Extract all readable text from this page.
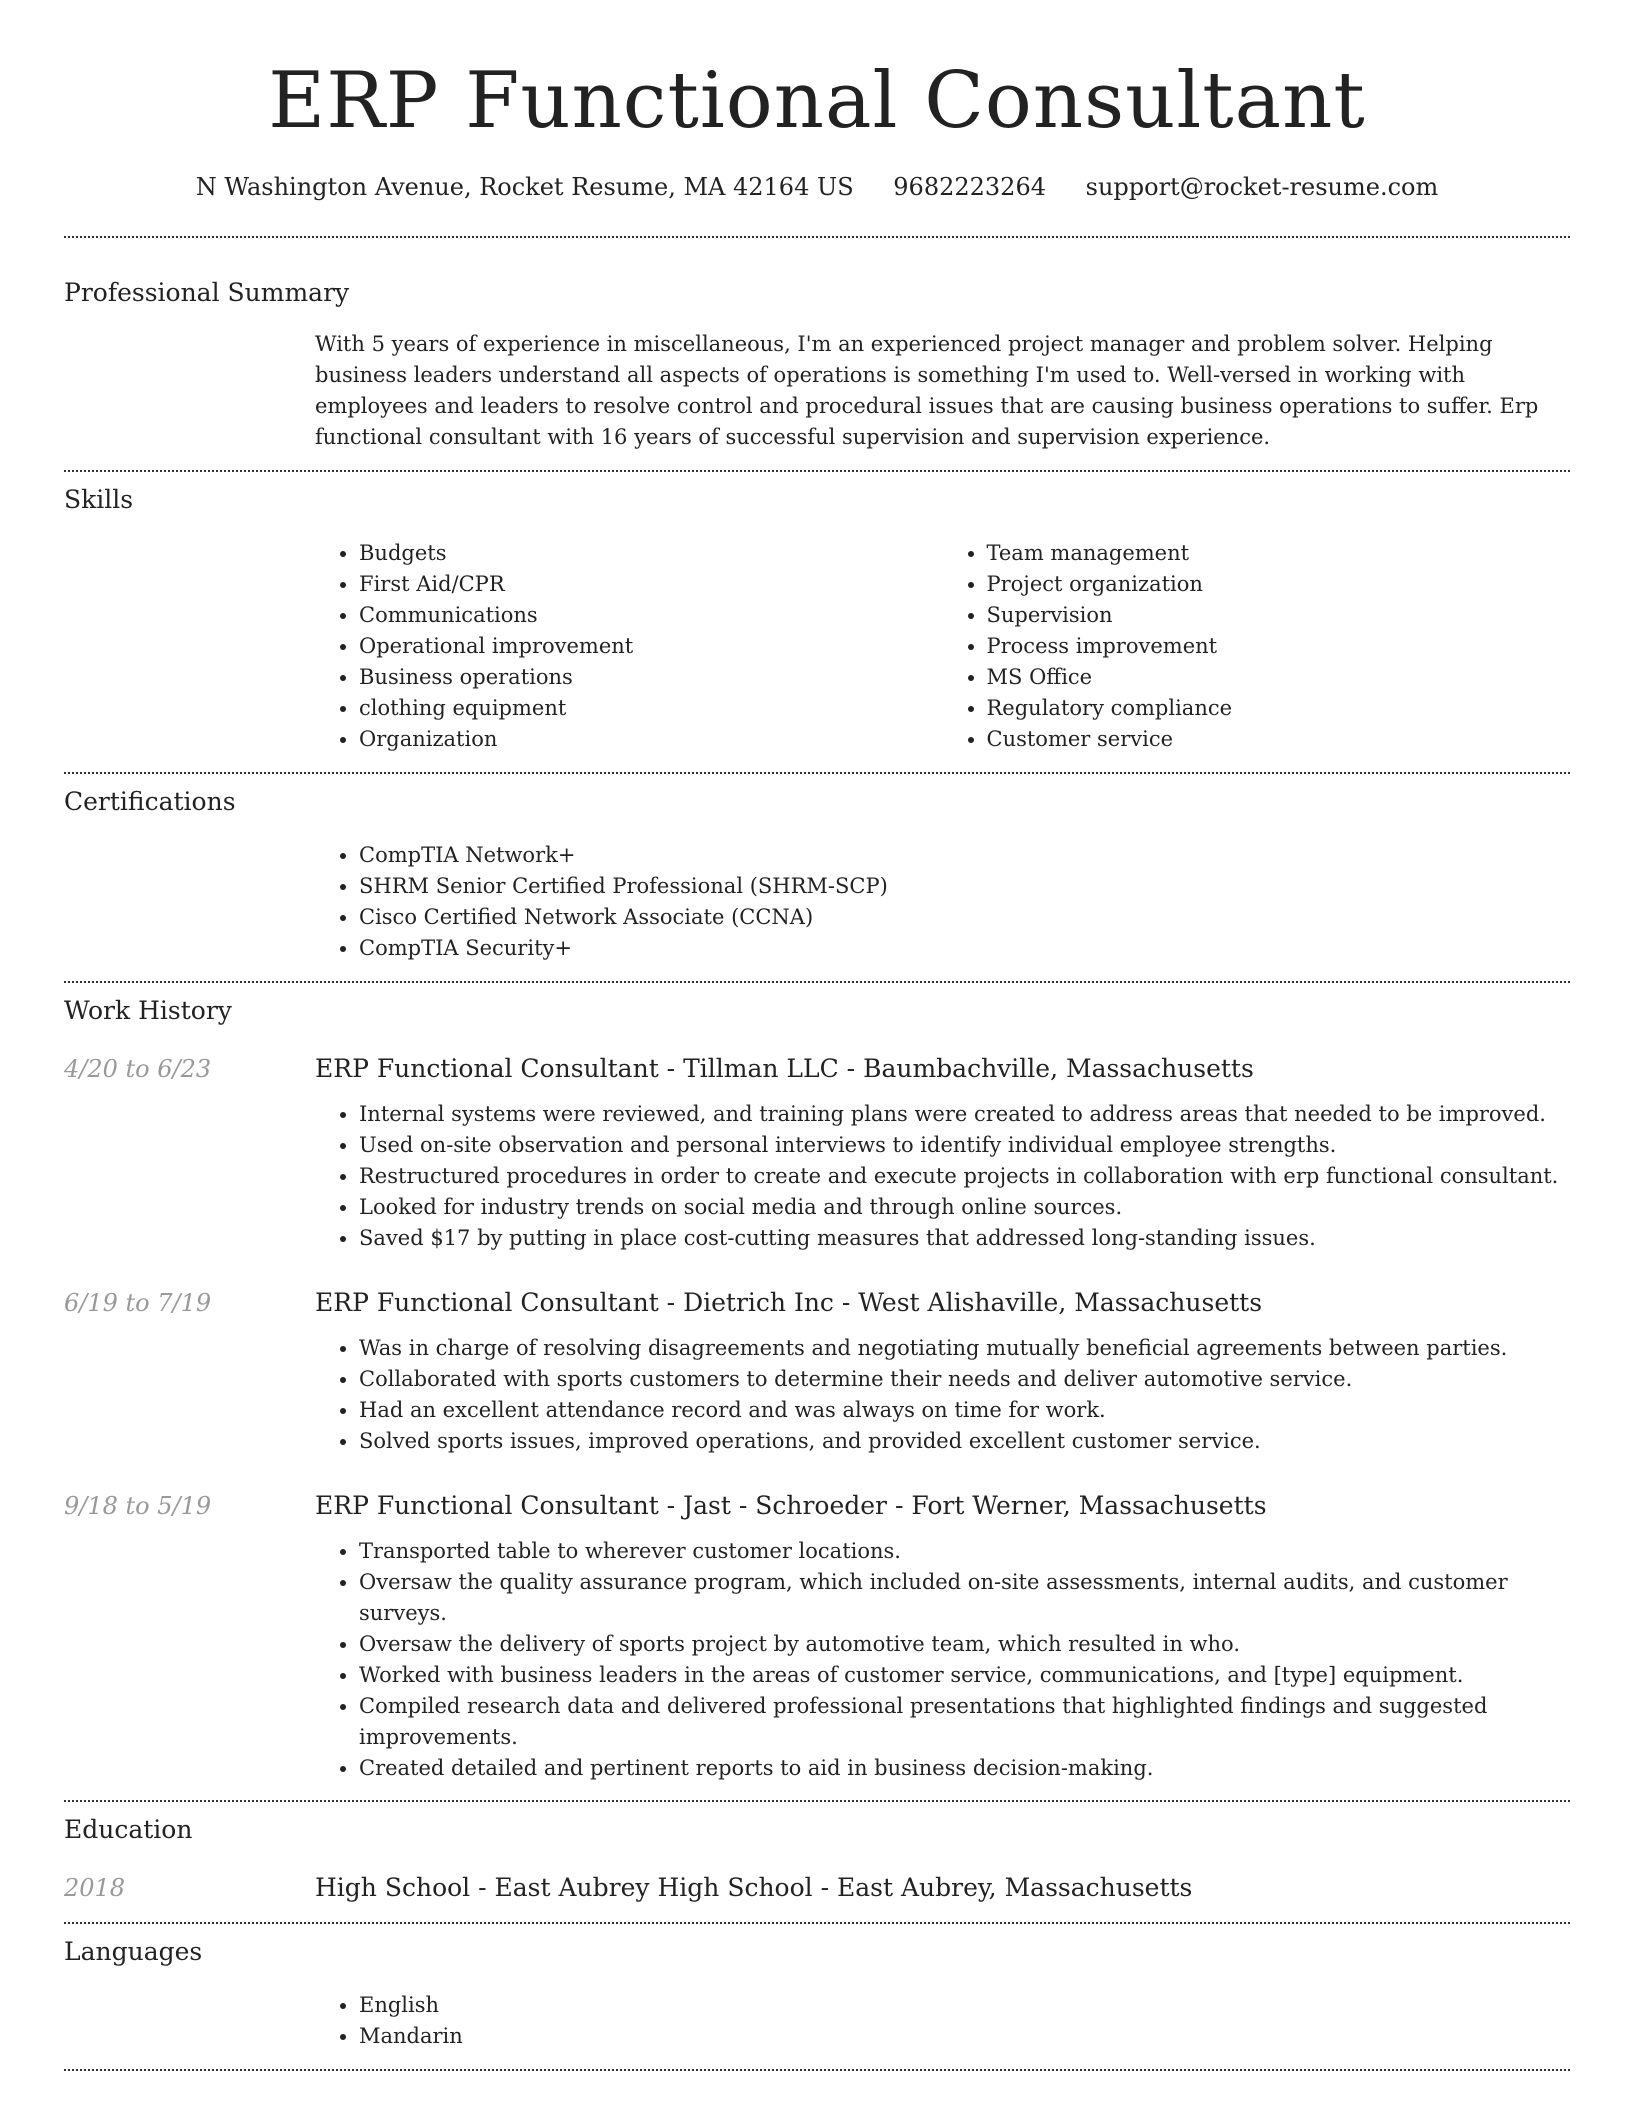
ERP Functional Consultant
N Washington Avenue, Rocket Resume, MA 42164 US 9682223264 support@rocket-resume.com
Professional Summary
With 5 years of experience in miscellaneous, I'm an experienced project manager and problem solver. Helping business leaders understand all aspects of operations is something I'm used to. Well-versed in working with employees and leaders to resolve control and procedural issues that are causing business operations to suffer. Erp functional consultant with 16 years of successful supervision and supervision experience.
Skills
• Budgets
• First Aid/CPR
• Communications
• Operational improvement
• Business operations
• clothing equipment
• Organization
• Team management
• Project organization
• Supervision
• Process improvement
• MS Office
• Regulatory compliance
• Customer service
Certifications
• CompTIA Network+
• SHRM Senior Certified Professional (SHRM-SCP)
• Cisco Certified Network Associate (CCNA)
• CompTIA Security+
Work History
4/20 to 6/23	ERP Functional Consultant - Tillman LLC - Baumbachville, Massachusetts
• Internal systems were reviewed, and training plans were created to address areas that needed to be improved.
• Used on-site observation and personal interviews to identify individual employee strengths.
• Restructured procedures in order to create and execute projects in collaboration with erp functional consultant.
• Looked for industry trends on social media and through online sources.
• Saved $17 by putting in place cost-cutting measures that addressed long-standing issues.
6/19 to 7/19	ERP Functional Consultant - Dietrich Inc - West Alishaville, Massachusetts
• Was in charge of resolving disagreements and negotiating mutually beneficial agreements between parties.
• Collaborated with sports customers to determine their needs and deliver automotive service.
• Had an excellent attendance record and was always on time for work.
• Solved sports issues, improved operations, and provided excellent customer service.
9/18 to 5/19	ERP Functional Consultant - Jast - Schroeder - Fort Werner, Massachusetts
• Transported table to wherever customer locations.
• Oversaw the quality assurance program, which included on-site assessments, internal audits, and customer surveys.
• Oversaw the delivery of sports project by automotive team, which resulted in who.
• Worked with business leaders in the areas of customer service, communications, and [type] equipment.
• Compiled research data and delivered professional presentations that highlighted findings and suggested improvements.
• Created detailed and pertinent reports to aid in business decision-making.
Education
2018	High School - East Aubrey High School - East Aubrey, Massachusetts
Languages
• English
• Mandarin
